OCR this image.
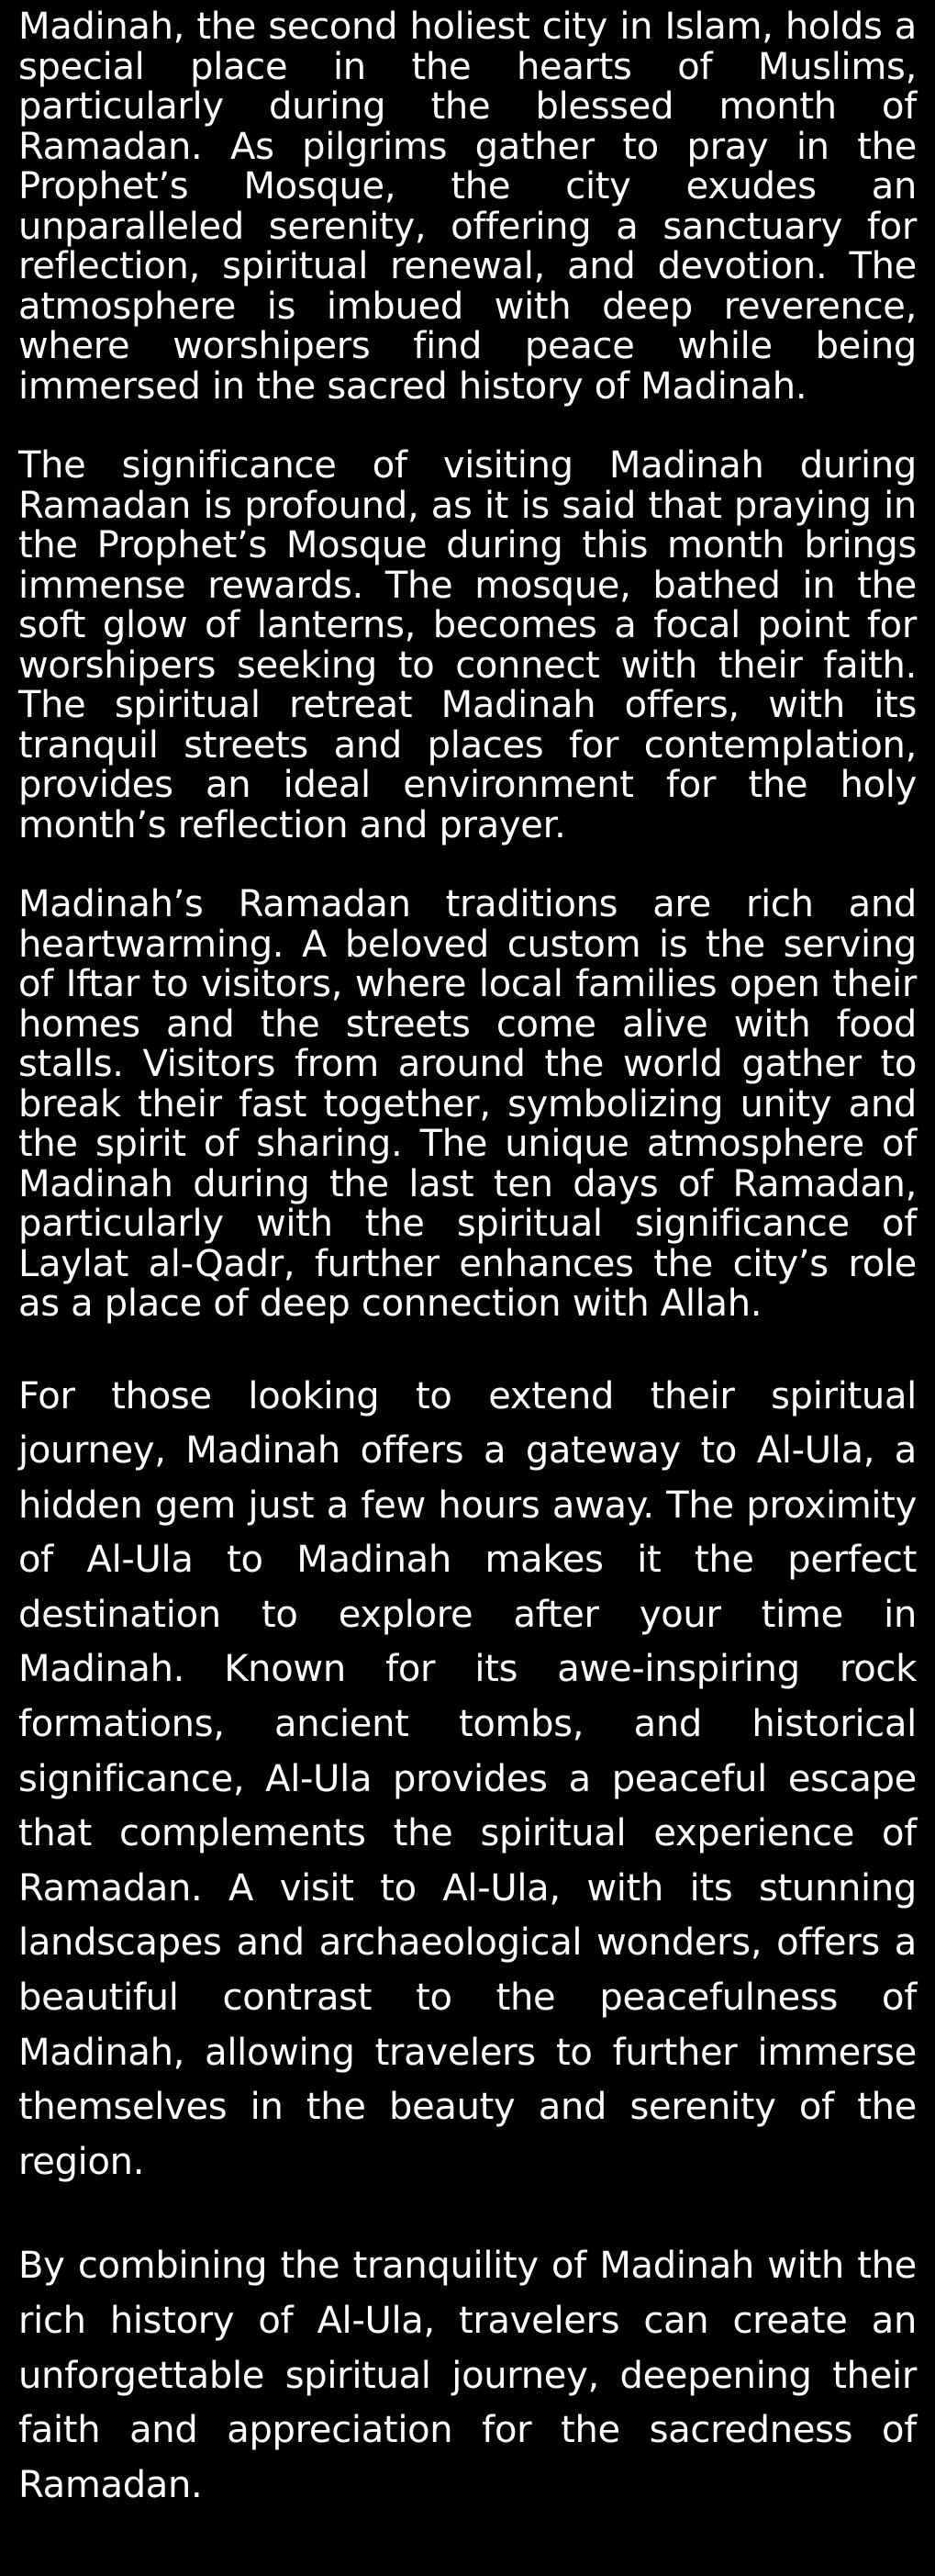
Madinah, the second holiest city in Islam, holds a special place in the hearts of Muslims, particularly during the blessed month of Ramadan. As pilgrims gather to pray in the Prophet’s Mosque, the city exudes an unparalleled serenity, offering a sanctuary for reflection, spiritual renewal, and devotion. The atmosphere is imbued with deep reverence, where worshipers find peace while being immersed in the sacred history of Madinah.

The significance of visiting Madinah during Ramadan is profound, as it is said that praying in the Prophet’s Mosque during this month brings immense rewards. The mosque, bathed in the soft glow of lanterns, becomes a focal point for worshipers seeking to connect with their faith. The spiritual retreat Madinah offers, with its tranquil streets and places for contemplation, provides an ideal environment for the holy month’s reflection and prayer.

Madinah’s Ramadan traditions are rich and heartwarming. A beloved custom is the serving of Iftar to visitors, where local families open their homes and the streets come alive with food stalls. Visitors from around the world gather to break their fast together, symbolizing unity and the spirit of sharing. The unique atmosphere of Madinah during the last ten days of Ramadan, particularly with the spiritual significance of Laylat al-Qadr, further enhances the city’s role as a place of deep connection with Allah.

For those looking to extend their spiritual journey, Madinah offers a gateway to Al-Ula, a hidden gem just a few hours away. The proximity of Al-Ula to Madinah makes it the perfect destination to explore after your time in Madinah. Known for its awe-inspiring rock formations, ancient tombs, and historical significance, Al-Ula provides a peaceful escape that complements the spiritual experience of Ramadan. A visit to Al-Ula, with its stunning landscapes and archaeological wonders, offers a beautiful contrast to the peacefulness of Madinah, allowing travelers to further immerse themselves in the beauty and serenity of the region.

By combining the tranquility of Madinah with the rich history of Al-Ula, travelers can create an unforgettable spiritual journey, deepening their faith and appreciation for the sacredness of Ramadan.
